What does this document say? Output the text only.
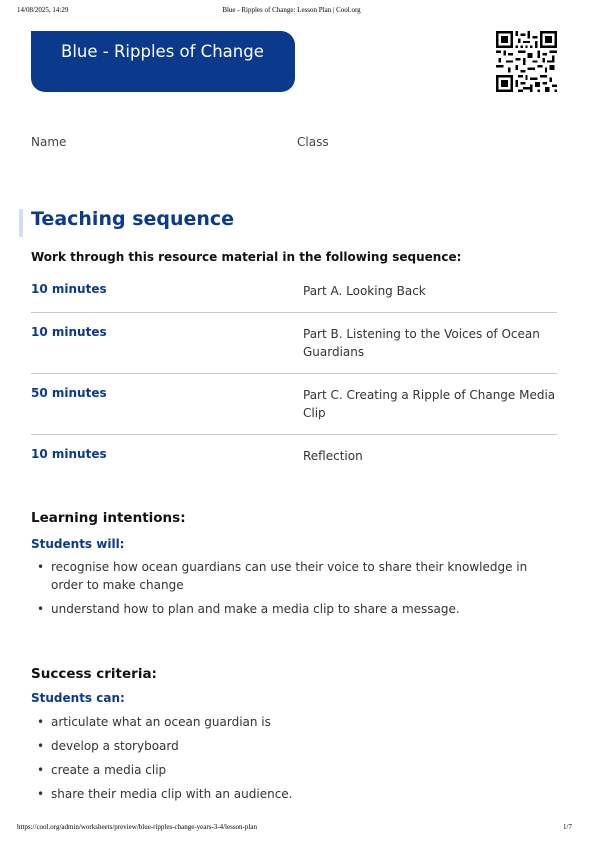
14/08/2025, 14:29	Blue - Ripples of Change: Lesson Plan | Cool.org
Blue - Ripples of Change
Name	Class
Teaching sequence
Work through this resource material in the following sequence:
10 minutes	Part A. Looking Back
10 minutes	Part B. Listening to the Voices of Ocean Guardians
50 minutes	Part C. Creating a Ripple of Change Media Clip
10 minutes	Reflection
Learning intentions:
Students will:
• recognise how ocean guardians can use their voice to share their knowledge in order to make change
• understand how to plan and make a media clip to share a message.
Success criteria:
Students can:
• articulate what an ocean guardian is
• develop a storyboard
• create a media clip
• share their media clip with an audience.
https://cool.org/admin/worksheets/preview/blue-ripples-change-years-3-4/lesson-plan	1/7
